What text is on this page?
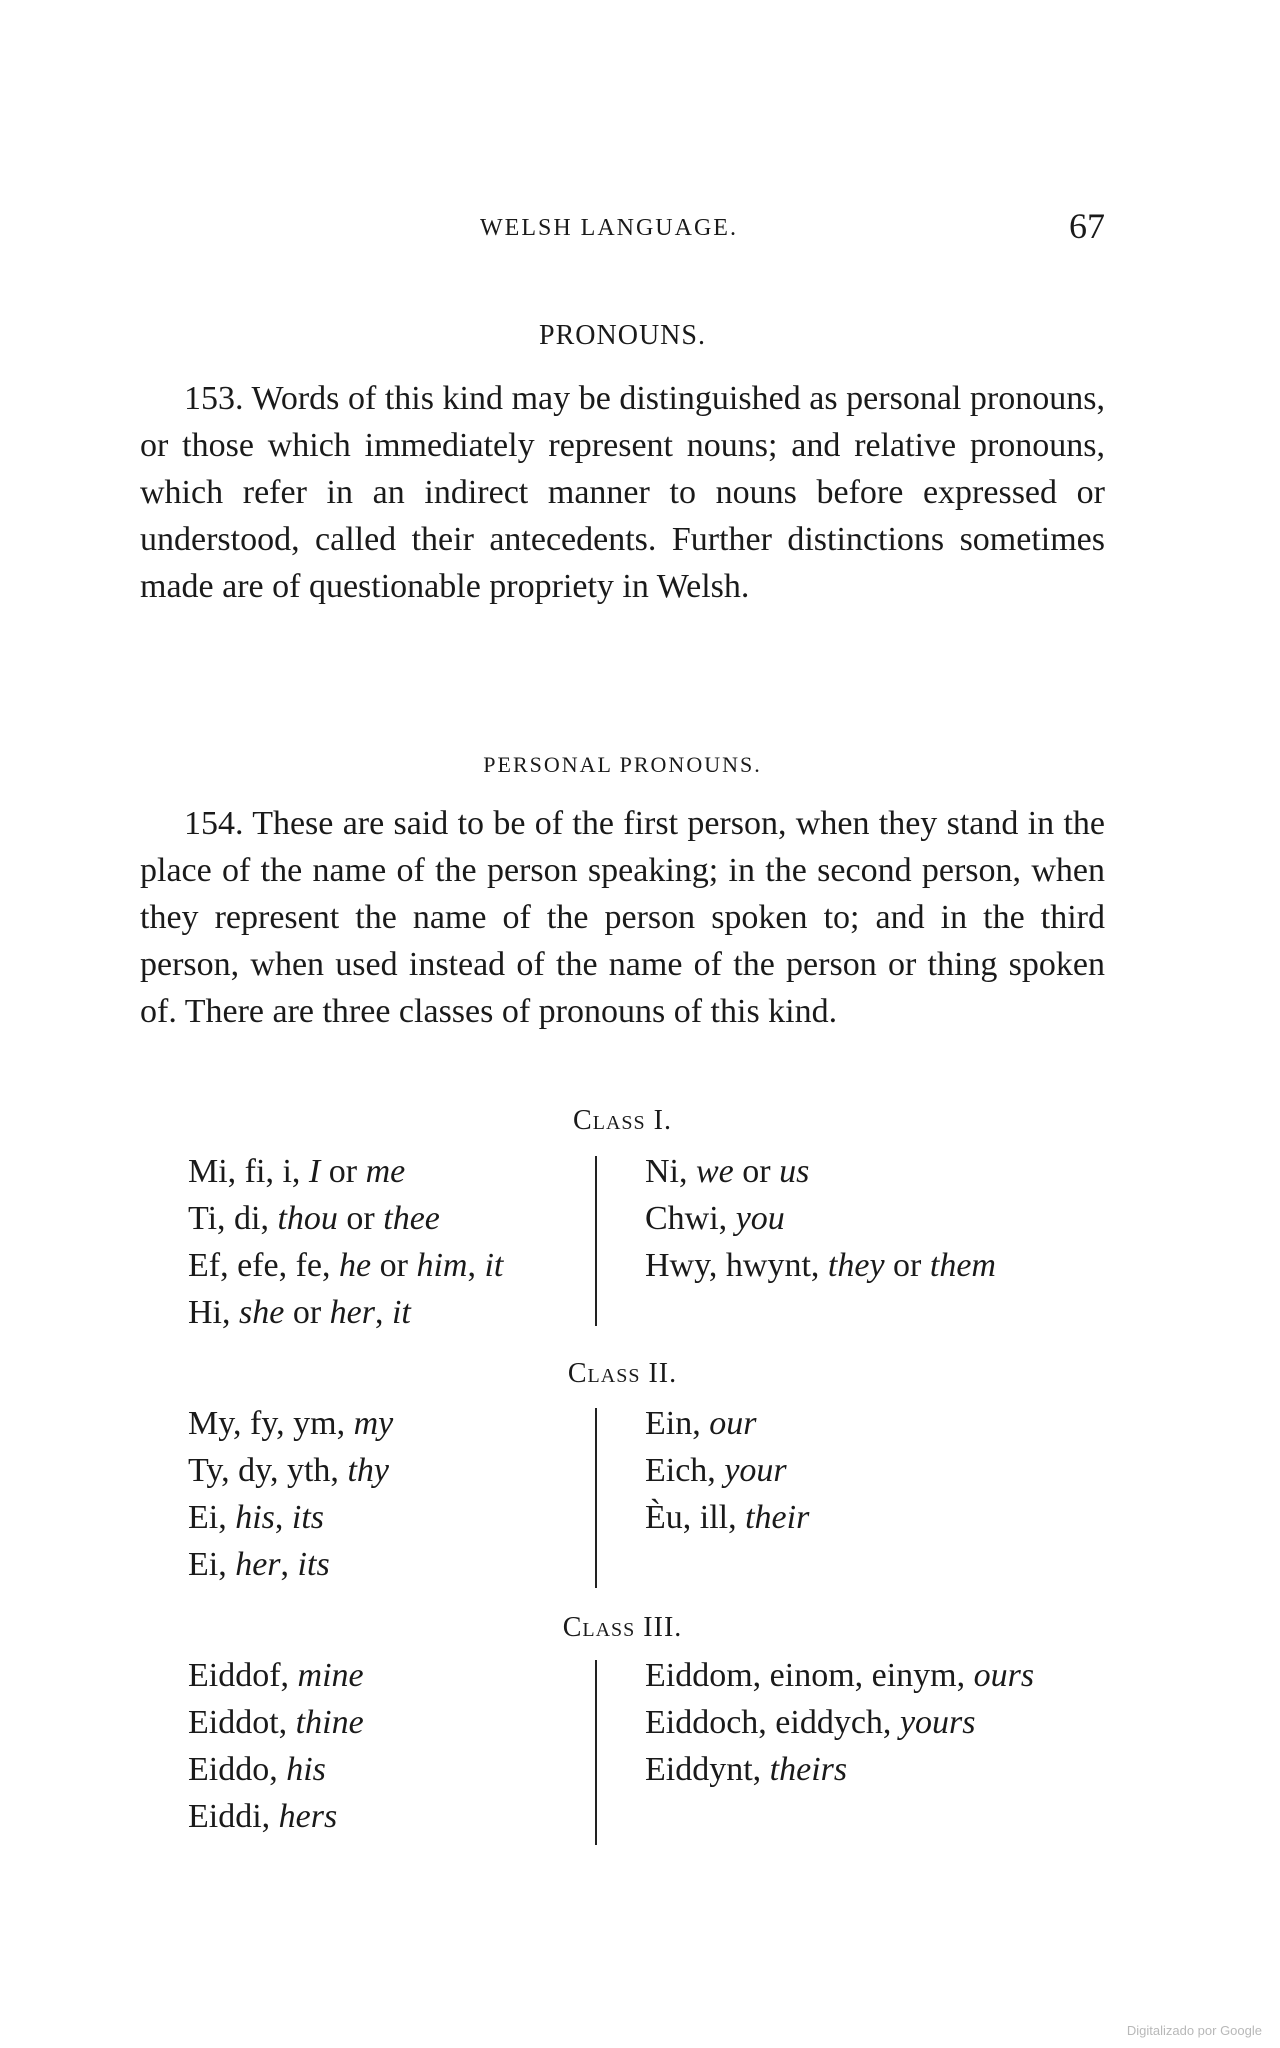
WELSH LANGUAGE.	67
PRONOUNS.
153. Words of this kind may be distinguished as personal pronouns, or those which immediately represent nouns; and relative pronouns, which refer in an indirect manner to nouns before expressed or understood, called their antecedents. Further distinctions sometimes made are of questionable propriety in Welsh.
PERSONAL PRONOUNS.
154. These are said to be of the first person, when they stand in the place of the name of the person speaking; in the second person, when they represent the name of the person spoken to; and in the third person, when used instead of the name of the person or thing spoken of. There are three classes of pronouns of this kind.
Class I.
Mi, fi, i, I or me
Ti, di, thou or thee
Ef, efe, fe, he or him, it
Hi, she or her, it
Ni, we or us
Chwi, you
Hwy, hwynt, they or them
Class II.
My, fy, ym, my
Ty, dy, yth, thy
Ei, his, its
Ei, her, its
Ein, our
Eich, your
Èu, ill, their
Class III.
Eiddof, mine
Eiddot, thine
Eiddo, his
Eiddi, hers
Eiddom, einom, einym, ours
Eiddoch, eiddych, yours
Eiddynt, theirs
Digitalizado por Google
